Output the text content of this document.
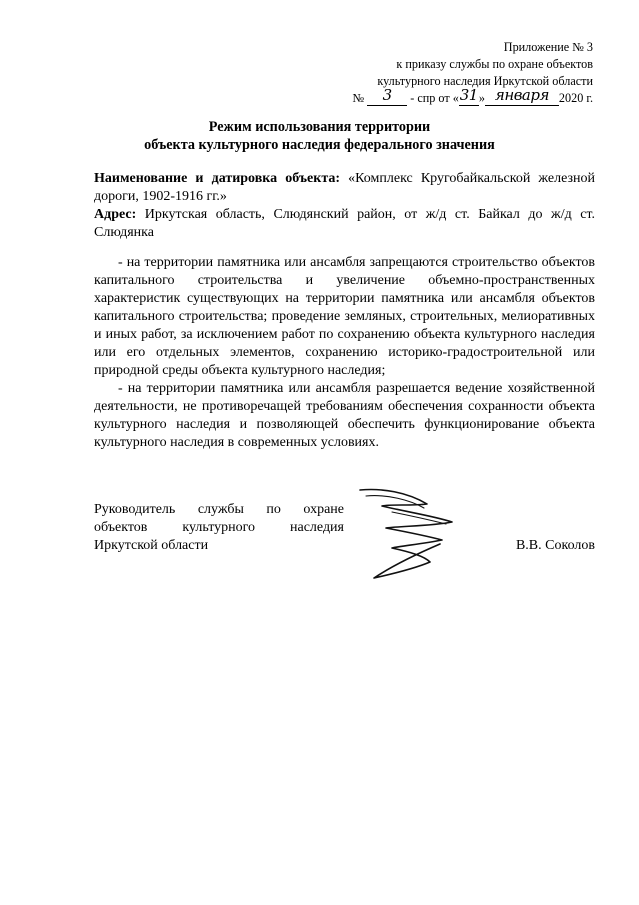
Приложение № 3
к приказу службы по охране объектов
культурного наследия Иркутской области
№ 3 - спр от «31» января 2020 г.
Режим использования территории
объекта культурного наследия федерального значения

Наименование и датировка объекта: «Комплекс Кругобайкальской железной дороги, 1902-1916 гг.»

Адрес: Иркутская область, Слюдянский район, от ж/д ст. Байкал до ж/д ст. Слюдянка

- на территории памятника или ансамбля запрещаются строительство объектов капитального строительства и увеличение объемно-пространственных характеристик существующих на территории памятника или ансамбля объектов капитального строительства; проведение земляных, строительных, мелиоративных и иных работ, за исключением работ по сохранению объекта культурного наследия или его отдельных элементов, сохранению историко-градостроительной или природной среды объекта культурного наследия;

- на территории памятника или ансамбля разрешается ведение хозяйственной деятельности, не противоречащей требованиям обеспечения сохранности объекта культурного наследия и позволяющей обеспечить функционирование объекта культурного наследия в современных условиях.

Руководитель службы по охране
объектов культурного наследия
Иркутской области	В.В. Соколов
